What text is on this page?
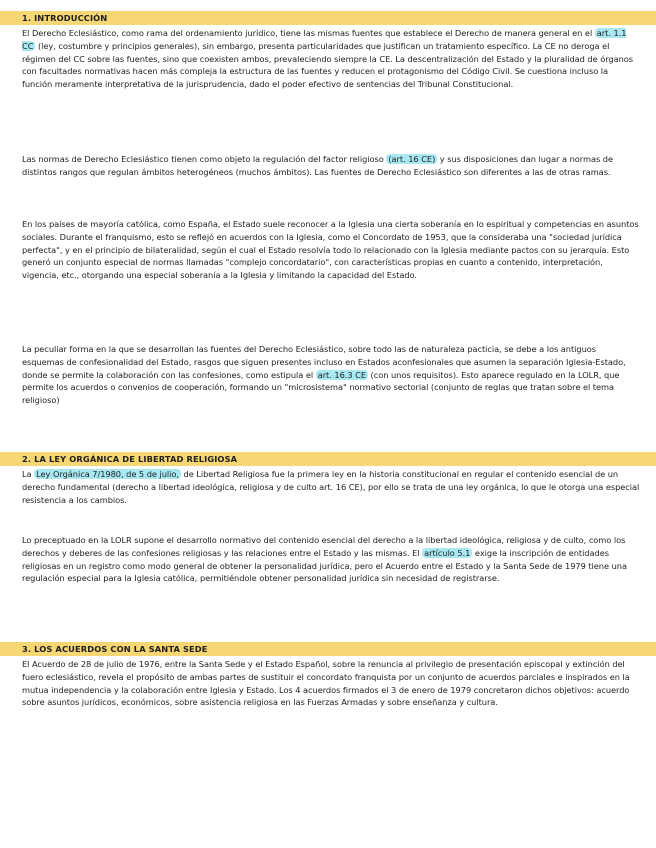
1. INTRODUCCIÓN

El Derecho Eclesiástico, como rama del ordenamiento jurídico, tiene las mismas fuentes que establece el Derecho de manera general en el art. 1.1 CC (ley, costumbre y principios generales), sin embargo, presenta particularidades que justifican un tratamiento específico. La CE no deroga el régimen del CC sobre las fuentes, sino que coexisten ambos, prevaleciendo siempre la CE. La descentralización del Estado y la pluralidad de órganos con facultades normativas hacen más compleja la estructura de las fuentes y reducen el protagonismo del Código Civil. Se cuestiona incluso la función meramente interpretativa de la jurisprudencia, dado el poder efectivo de sentencias del Tribunal Constitucional.

Las normas de Derecho Eclesiástico tienen como objeto la regulación del factor religioso (art. 16 CE) y sus disposiciones dan lugar a normas de distintos rangos que regulan ámbitos heterogéneos (muchos ámbitos). Las fuentes de Derecho Eclesiástico son diferentes a las de otras ramas.

En los países de mayoría católica, como España, el Estado suele reconocer a la Iglesia una cierta soberanía en lo espiritual y competencias en asuntos sociales. Durante el franquismo, esto se reflejó en acuerdos con la Iglesia, como el Concordato de 1953, que la consideraba una "sociedad jurídica perfecta", y en el principio de bilateralidad, según el cual el Estado resolvía todo lo relacionado con la Iglesia mediante pactos con su jerarquía. Esto generó un conjunto especial de normas llamadas "complejo concordatario", con características propias en cuanto a contenido, interpretación, vigencia, etc., otorgando una especial soberanía a la Iglesia y limitando la capacidad del Estado.

La peculiar forma en la que se desarrollan las fuentes del Derecho Eclesiástico, sobre todo las de naturaleza pacticia, se debe a los antiguos esquemas de confesionalidad del Estado, rasgos que siguen presentes incluso en Estados aconfesionales que asumen la separación Iglesia-Estado, donde se permite la colaboración con las confesiones, como estipula el art. 16.3 CE (con unos requisitos). Esto aparece regulado en la LOLR, que permite los acuerdos o convenios de cooperación, formando un "microsistema" normativo sectorial (conjunto de reglas que tratan sobre el tema religioso)

2. LA LEY ORGÁNICA DE LIBERTAD RELIGIOSA

La Ley Orgánica 7/1980, de 5 de julio, de Libertad Religiosa fue la primera ley en la historia constitucional en regular el contenido esencial de un derecho fundamental (derecho a libertad ideológica, religiosa y de culto art. 16 CE), por ello se trata de una ley orgánica, lo que le otorga una especial resistencia a los cambios.

Lo preceptuado en la LOLR supone el desarrollo normativo del contenido esencial del derecho a la libertad ideológica, religiosa y de culto, como los derechos y deberes de las confesiones religiosas y las relaciones entre el Estado y las mismas. El artículo 5.1 exige la inscripción de entidades religiosas en un registro como modo general de obtener la personalidad jurídica, pero el Acuerdo entre el Estado y la Santa Sede de 1979 tiene una regulación especial para la Iglesia católica, permitiéndole obtener personalidad jurídica sin necesidad de registrarse.

3. LOS ACUERDOS CON LA SANTA SEDE

El Acuerdo de 28 de julio de 1976, entre la Santa Sede y el Estado Español, sobre la renuncia al privilegio de presentación episcopal y extinción del fuero eclesiástico, revela el propósito de ambas partes de sustituir el concordato franquista por un conjunto de acuerdos parciales e inspirados en la mutua independencia y la colaboración entre Iglesia y Estado. Los 4 acuerdos firmados el 3 de enero de 1979 concretaron dichos objetivos: acuerdo sobre asuntos jurídicos, económicos, sobre asistencia religiosa en las Fuerzas Armadas y sobre enseñanza y cultura.
